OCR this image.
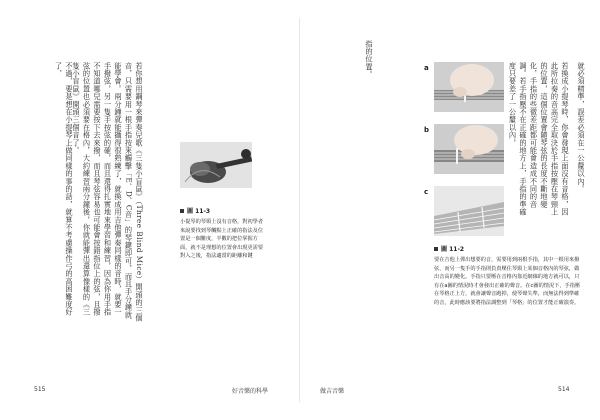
若你想用鋼琴來彈奏兒歌《三隻小盲鼠》（Three Blind Mice）開頭的三個音，只需要用一根手指按來觸擊「E、D、C音」的琴鍵即可，而且手分鐘就能學會。兩分鐘就能攝得很熟練了，就換成用吉他彈奏同樣的音時，就要一手撥弦，另一隻手按弦的確，而且還得扎實地來學習和練習，因為你用手指不知道哪兒需要按下去來撥，而且琴弦容易也可能會按錯指位上的弦，且撥弦的位置也必須要在格內，大約練習兩分鐘後，你就能彈出還算像樣的《三隻小盲鼠》開頭三個音了。
不過，要是想在小提琴上做同樣的事的話，就算不考慮操作弓的高困難度好了，
圖 11-3
小提琴的琴頸上沒有音格，對初學者來說要找到琴觸點上正確的指法及位置是一個難度，半數的把位掌握方面，就不是理想的位置會出現更需要對入之後，指法適當的距離和鍵
515	好音樂的科學
指的位置。
若換成小提琴時，你會發現上面沒有音格，因此所拉奏的音高完全取決於手指按壓在琴頸上的位置，這個位置會隨琴弦的長度不斷地變化，手指的些微差距都可能會造成不同的音調。若手指壓不在正確的地方上，手指的準確度只要差了一公釐以內，	就必須精準，誤差必須在一公釐以內。
a
b
c
圖 11-2
要在吉他上彈出想要的音，需要用到兩根手指，其中一根用來撥弦，而另一隻手的手指則負責壓住琴頸上某個音格內的琴弦，做出音高的變化。手指只要壓在音格內靠近網線的地方就可以，只有在a圖的情況時才會發出正確的聲音。在c圖的情況下，手指壓在琴格正上方，就會讓聲音跑掉，使琴聲失準，而無法得到準確的音，此時應該要將指法調整到「琴格」的位置才能正確演奏。
做吉音樂	514
